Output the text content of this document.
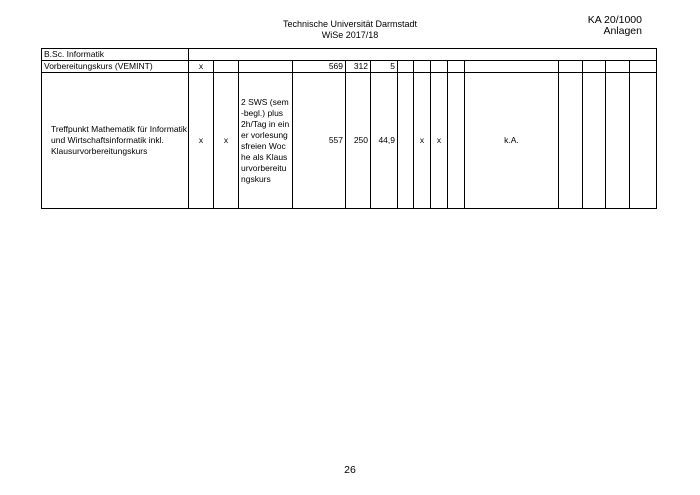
Technische Universität Darmstadt
WiSe 2017/18
KA 20/1000
Anlagen
B.Sc. Informatik															
Vorbereitungskurs (VEMINT)	x			569	312	5									
Treffpunkt Mathematik für Informatik und Wirtschaftsinformatik inkl. Klausurvorbereitungskurs	x	x	2 SWS (sem-begl.) plus 2h/Tag in einer vorlesungsfreien Woche als Klausurvorbereitungskurs	557	250	44,9		x	x		k.A.				
26
